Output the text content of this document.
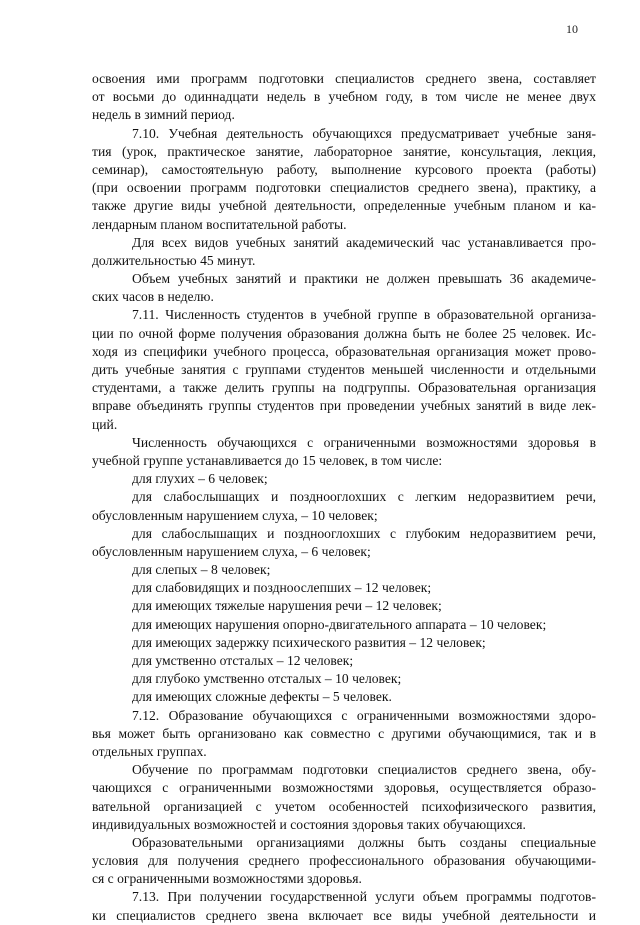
10
освоения ими программ подготовки специалистов среднего звена, составляет
от восьми до одиннадцати недель в учебном году, в том числе не менее двух
недель в зимний период.
7.10. Учебная деятельность обучающихся предусматривает учебные заня-
тия (урок, практическое занятие, лабораторное занятие, консультация, лекция,
семинар), самостоятельную работу, выполнение курсового проекта (работы)
(при освоении программ подготовки специалистов среднего звена), практику, а
также другие виды учебной деятельности, определенные учебным планом и ка-
лендарным планом воспитательной работы.
Для всех видов учебных занятий академический час устанавливается про-
должительностью 45 минут.
Объем учебных занятий и практики не должен превышать 36 академиче-
ских часов в неделю.
7.11. Численность студентов в учебной группе в образовательной организа-
ции по очной форме получения образования должна быть не более 25 человек. Ис-
ходя из специфики учебного процесса, образовательная организация может прово-
дить учебные занятия с группами студентов меньшей численности и отдельными
студентами, а также делить группы на подгруппы. Образовательная организация
вправе объединять группы студентов при проведении учебных занятий в виде лек-
ций.
Численность обучающихся с ограниченными возможностями здоровья в
учебной группе устанавливается до 15 человек, в том числе:
для глухих – 6 человек;
для слабослышащих и позднооглохших с легким недоразвитием речи,
обусловленным нарушением слуха, – 10 человек;
для слабослышащих и позднооглохших с глубоким недоразвитием речи,
обусловленным нарушением слуха, – 6 человек;
для слепых – 8 человек;
для слабовидящих и поздноослепших – 12 человек;
для имеющих тяжелые нарушения речи – 12 человек;
для имеющих нарушения опорно-двигательного аппарата – 10 человек;
для имеющих задержку психического развития – 12 человек;
для умственно отсталых – 12 человек;
для глубоко умственно отсталых – 10 человек;
для имеющих сложные дефекты – 5 человек.
7.12. Образование обучающихся с ограниченными возможностями здоро-
вья может быть организовано как совместно с другими обучающимися, так и в
отдельных группах.
Обучение по программам подготовки специалистов среднего звена, обу-
чающихся с ограниченными возможностями здоровья, осуществляется образо-
вательной организацией с учетом особенностей психофизического развития,
индивидуальных возможностей и состояния здоровья таких обучающихся.
Образовательными организациями должны быть созданы специальные
условия для получения среднего профессионального образования обучающими-
ся с ограниченными возможностями здоровья.
7.13. При получении государственной услуги объем программы подготов-
ки специалистов среднего звена включает все виды учебной деятельности и
